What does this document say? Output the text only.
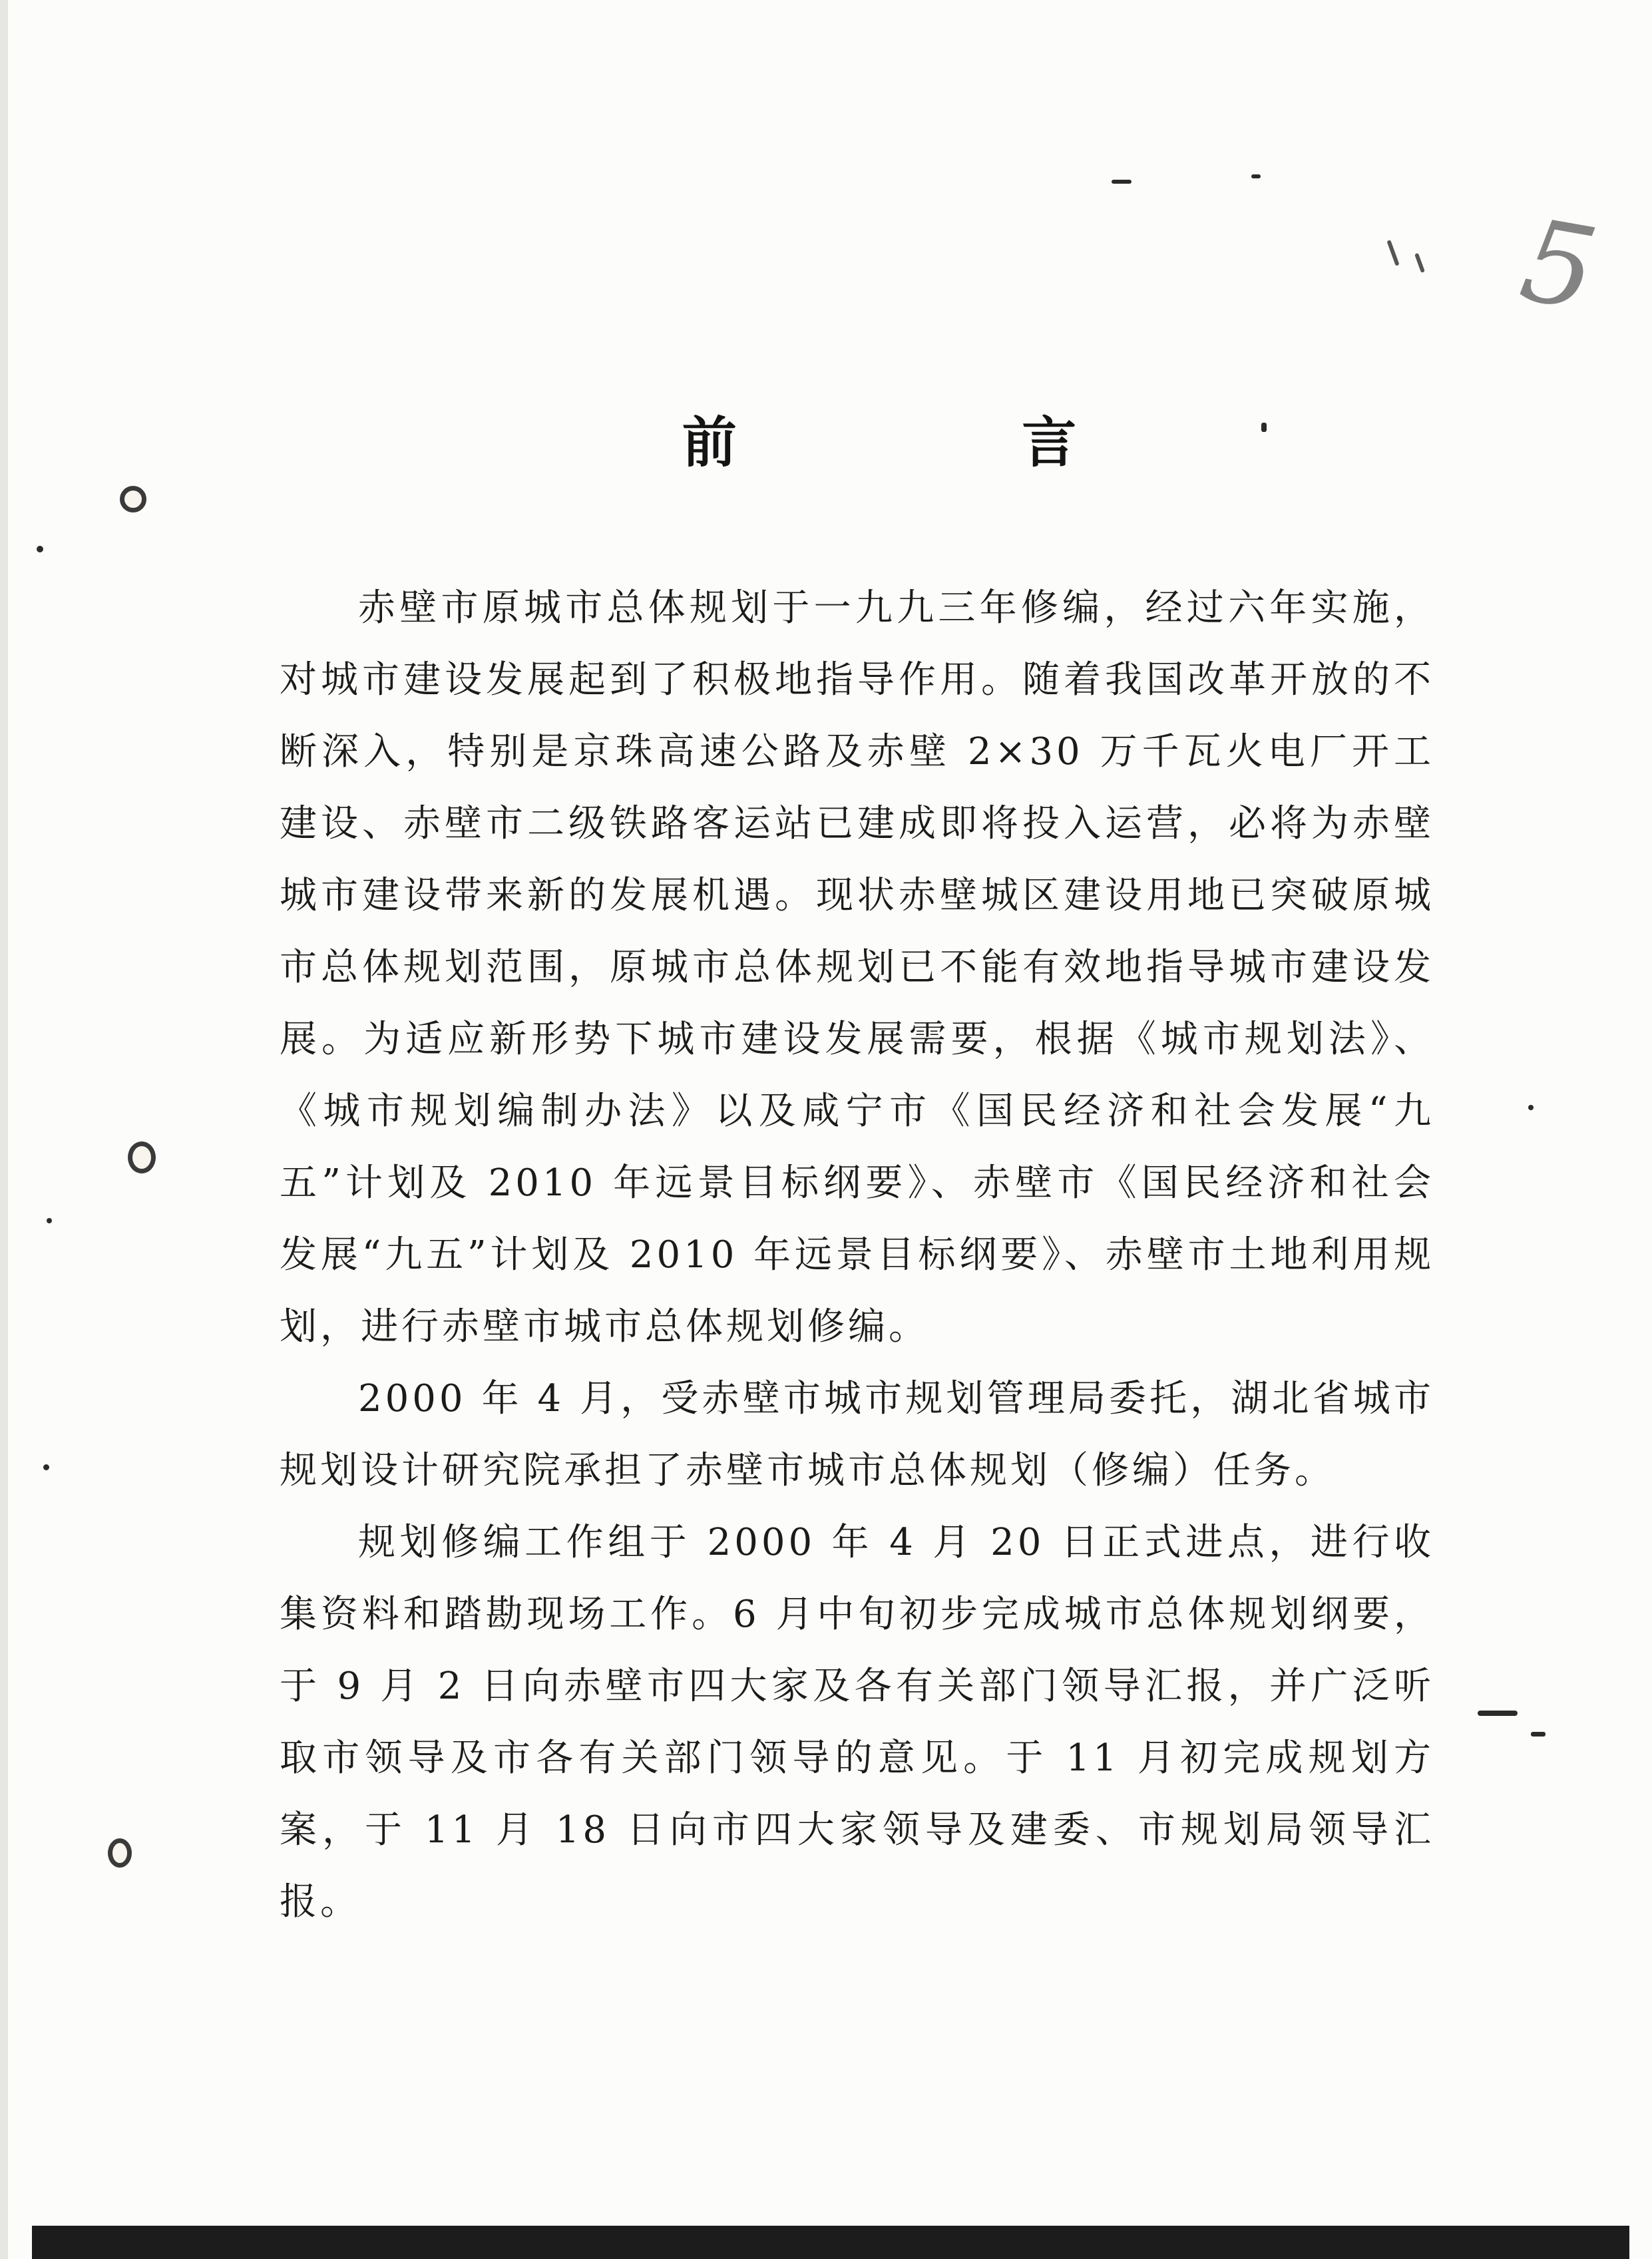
5
前 言

赤壁市原城市总体规划于一九九三年修编，经过六年实施，对城市建设发展起到了积极地指导作用。随着我国改革开放的不断深入，特别是京珠高速公路及赤壁 2×30 万千瓦火电厂开工建设、赤壁市二级铁路客运站已建成即将投入运营，必将为赤壁城市建设带来新的发展机遇。现状赤壁城区建设用地已突破原城市总体规划范围，原城市总体规划已不能有效地指导城市建设发展。为适应新形势下城市建设发展需要，根据《城市规划法》、《城市规划编制办法》以及咸宁市《国民经济和社会发展“九五”计划及 2010 年远景目标纲要》、赤壁市《国民经济和社会发展“九五”计划及 2010 年远景目标纲要》、赤壁市土地利用规划，进行赤壁市城市总体规划修编。

2000 年 4 月，受赤壁市城市规划管理局委托，湖北省城市规划设计研究院承担了赤壁市城市总体规划（修编）任务。

规划修编工作组于 2000 年 4 月 20 日正式进点，进行收集资料和踏勘现场工作。6 月中旬初步完成城市总体规划纲要，于 9 月 2 日向赤壁市四大家及各有关部门领导汇报，并广泛听取市领导及市各有关部门领导的意见。于 11 月初完成规划方案，于 11 月 18 日向市四大家领导及建委、市规划局领导汇报。
